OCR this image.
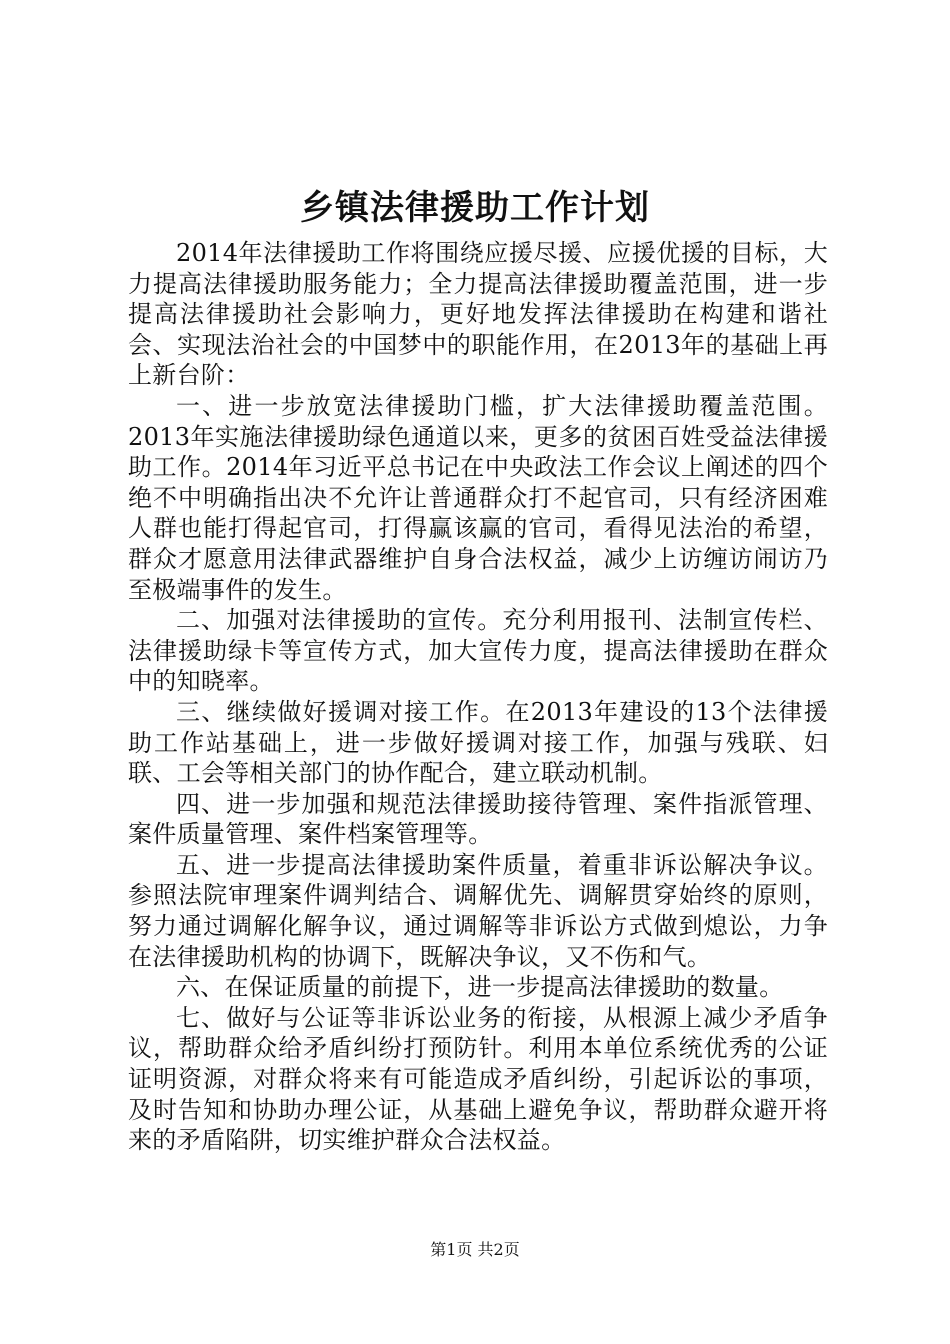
乡镇法律援助工作计划

2014年法律援助工作将围绕应援尽援、应援优援的目标，大力提高法律援助服务能力；全力提高法律援助覆盖范围，进一步提高法律援助社会影响力，更好地发挥法律援助在构建和谐社会、实现法治社会的中国梦中的职能作用，在2013年的基础上再上新台阶：

一、进一步放宽法律援助门槛，扩大法律援助覆盖范围。2013年实施法律援助绿色通道以来，更多的贫困百姓受益法律援助工作。2014年习近平总书记在中央政法工作会议上阐述的四个绝不中明确指出决不允许让普通群众打不起官司，只有经济困难人群也能打得起官司，打得赢该赢的官司，看得见法治的希望，群众才愿意用法律武器维护自身合法权益，减少上访缠访闹访乃至极端事件的发生。

二、加强对法律援助的宣传。充分利用报刊、法制宣传栏、法律援助绿卡等宣传方式，加大宣传力度，提高法律援助在群众中的知晓率。

三、继续做好援调对接工作。在2013年建设的13个法律援助工作站基础上，进一步做好援调对接工作，加强与残联、妇联、工会等相关部门的协作配合，建立联动机制。

四、进一步加强和规范法律援助接待管理、案件指派管理、案件质量管理、案件档案管理等。

五、进一步提高法律援助案件质量，着重非诉讼解决争议。参照法院审理案件调判结合、调解优先、调解贯穿始终的原则，努力通过调解化解争议，通过调解等非诉讼方式做到熄讼，力争在法律援助机构的协调下，既解决争议，又不伤和气。

六、在保证质量的前提下，进一步提高法律援助的数量。

七、做好与公证等非诉讼业务的衔接，从根源上减少矛盾争议，帮助群众给矛盾纠纷打预防针。利用本单位系统优秀的公证证明资源，对群众将来有可能造成矛盾纠纷，引起诉讼的事项，及时告知和协助办理公证，从基础上避免争议，帮助群众避开将来的矛盾陷阱，切实维护群众合法权益。

第1页 共2页
